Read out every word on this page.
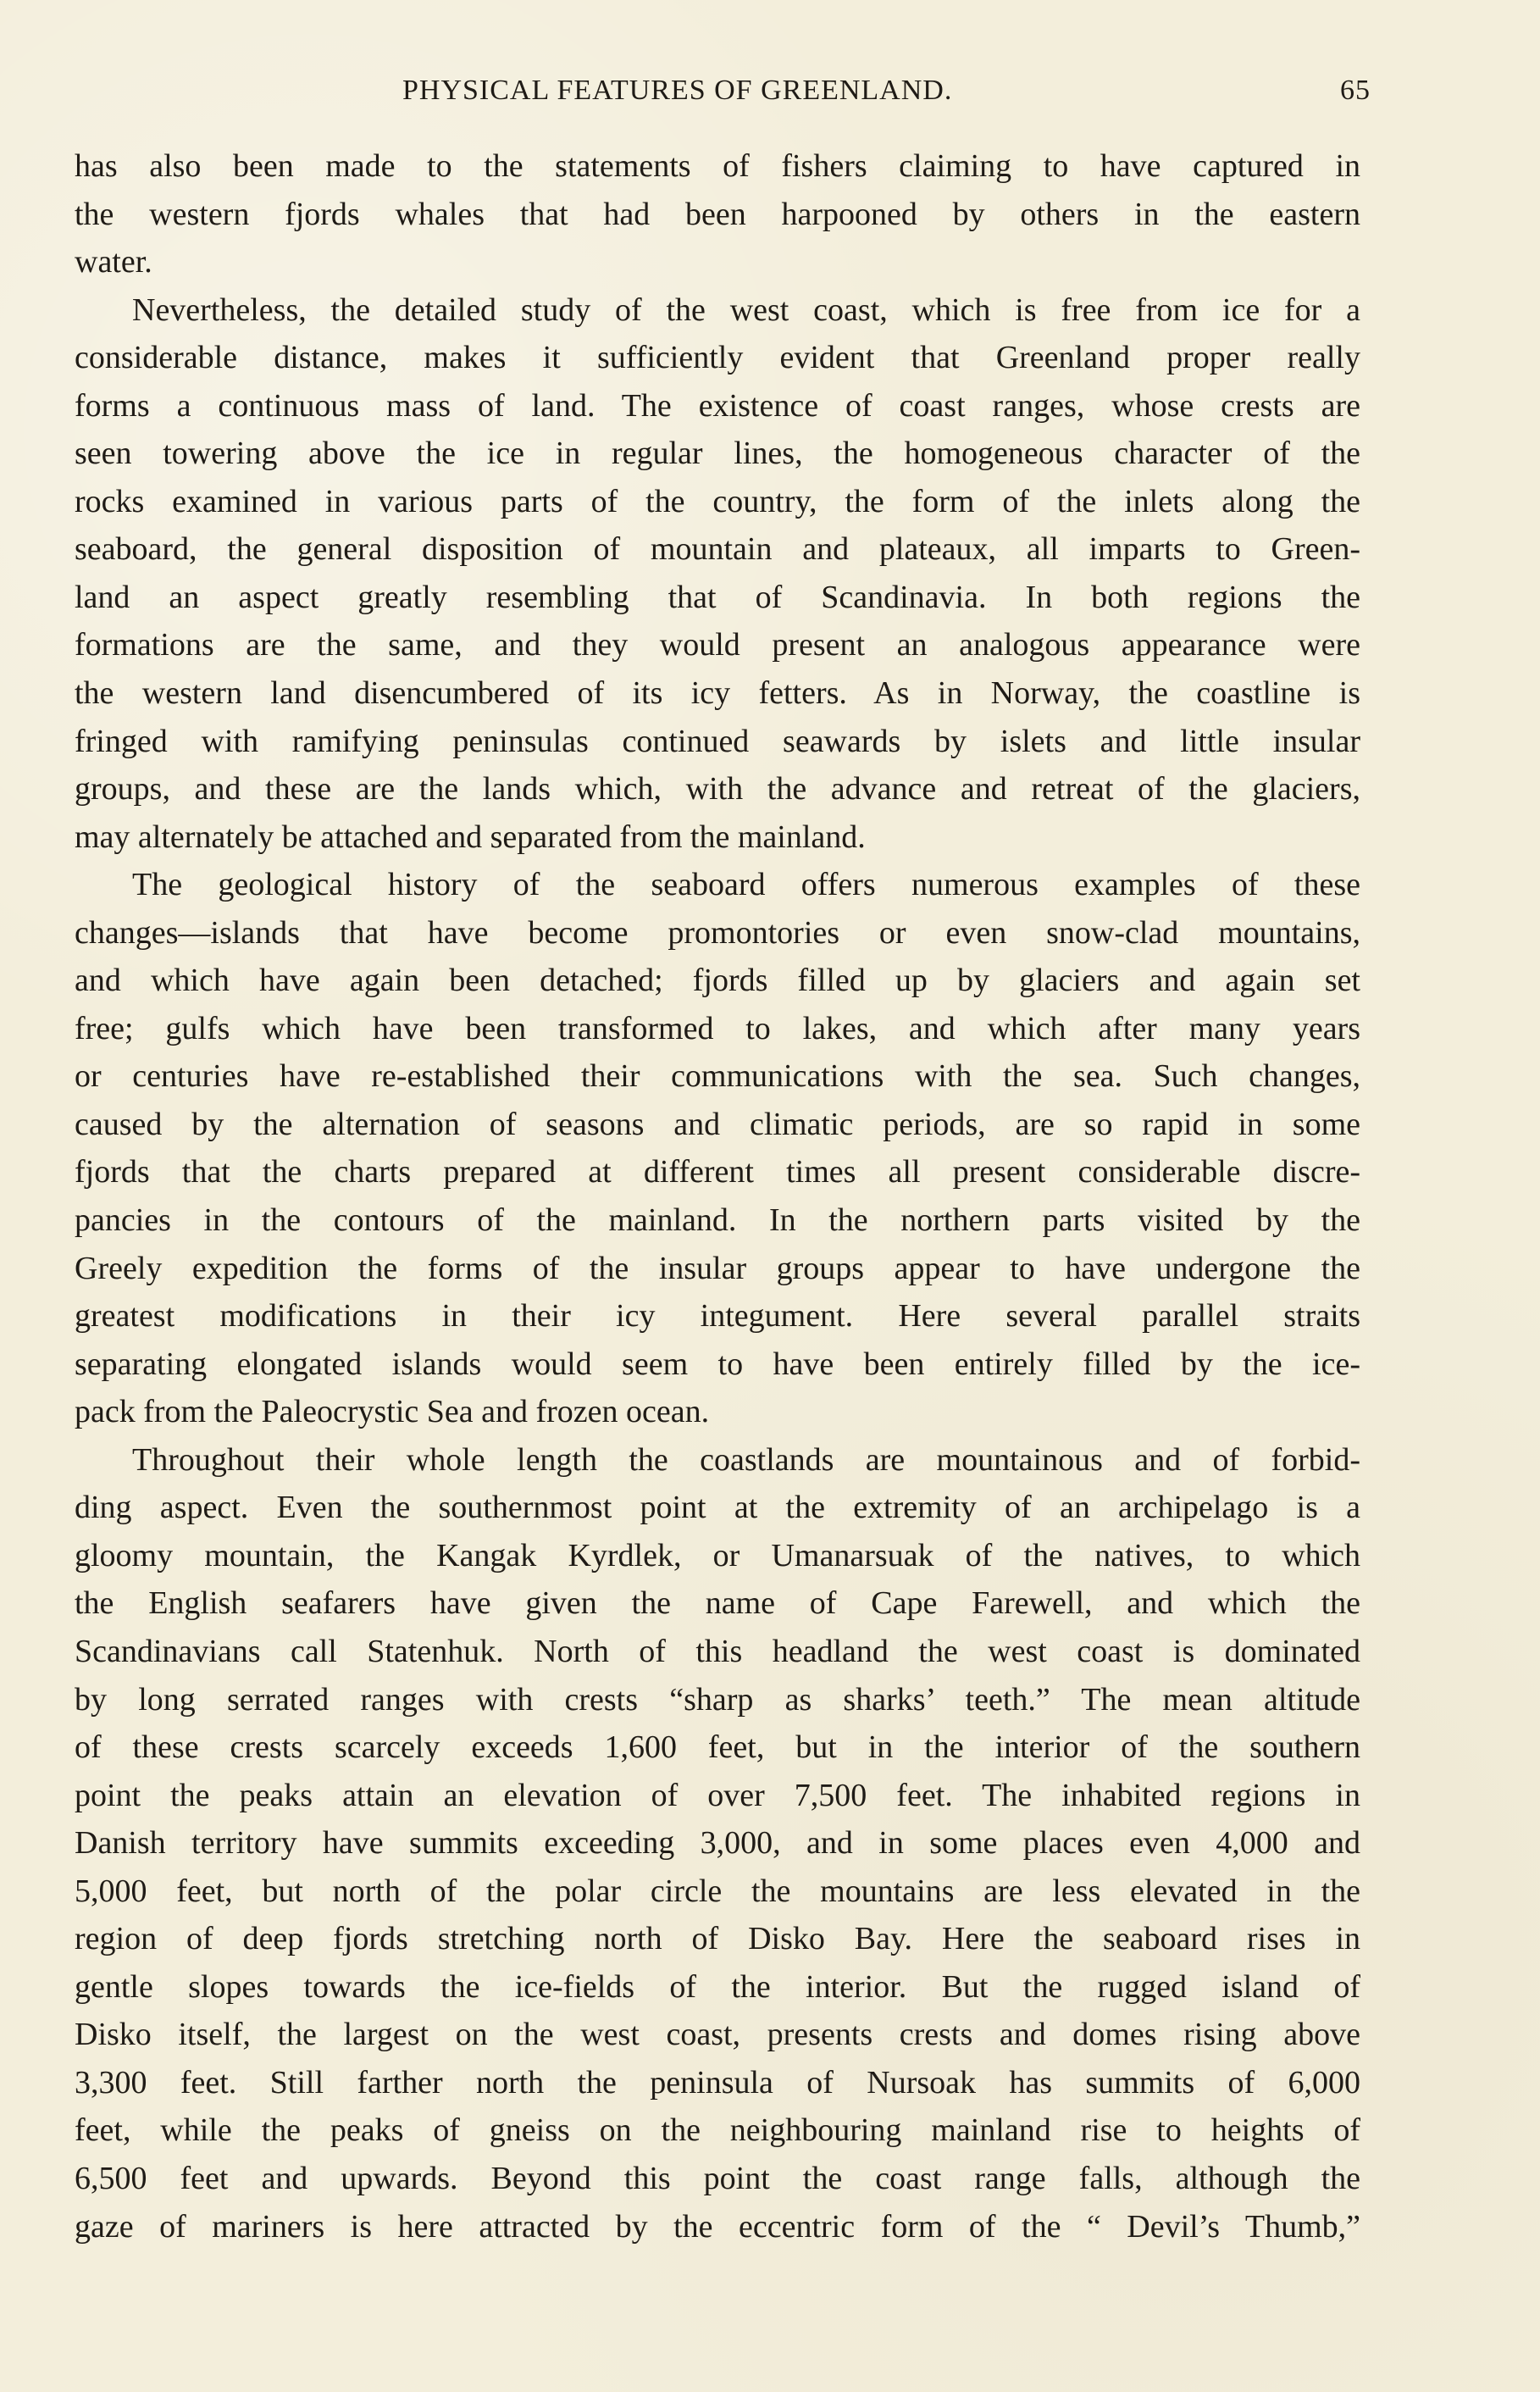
PHYSICAL FEATURES OF GREENLAND.	65
has also been made to the statements of fishers claiming to have captured in
the western fjords whales that had been harpooned by others in the eastern
water.
Nevertheless, the detailed study of the west coast, which is free from ice for a
considerable distance, makes it sufficiently evident that Greenland proper really
forms a continuous mass of land. The existence of coast ranges, whose crests are
seen towering above the ice in regular lines, the homogeneous character of the
rocks examined in various parts of the country, the form of the inlets along the
seaboard, the general disposition of mountain and plateaux, all imparts to Green-
land an aspect greatly resembling that of Scandinavia. In both regions the
formations are the same, and they would present an analogous appearance were
the western land disencumbered of its icy fetters. As in Norway, the coastline is
fringed with ramifying peninsulas continued seawards by islets and little insular
groups, and these are the lands which, with the advance and retreat of the glaciers,
may alternately be attached and separated from the mainland.
The geological history of the seaboard offers numerous examples of these
changes—islands that have become promontories or even snow-clad mountains,
and which have again been detached; fjords filled up by glaciers and again set
free; gulfs which have been transformed to lakes, and which after many years
or centuries have re-established their communications with the sea. Such changes,
caused by the alternation of seasons and climatic periods, are so rapid in some
fjords that the charts prepared at different times all present considerable discre-
pancies in the contours of the mainland. In the northern parts visited by the
Greely expedition the forms of the insular groups appear to have undergone the
greatest modifications in their icy integument. Here several parallel straits
separating elongated islands would seem to have been entirely filled by the ice-
pack from the Paleocrystic Sea and frozen ocean.
Throughout their whole length the coastlands are mountainous and of forbid-
ding aspect. Even the southernmost point at the extremity of an archipelago is a
gloomy mountain, the Kangak Kyrdlek, or Umanarsuak of the natives, to which
the English seafarers have given the name of Cape Farewell, and which the
Scandinavians call Statenhuk. North of this headland the west coast is dominated
by long serrated ranges with crests “sharp as sharks’ teeth.” The mean altitude
of these crests scarcely exceeds 1,600 feet, but in the interior of the southern
point the peaks attain an elevation of over 7,500 feet. The inhabited regions in
Danish territory have summits exceeding 3,000, and in some places even 4,000 and
5,000 feet, but north of the polar circle the mountains are less elevated in the
region of deep fjords stretching north of Disko Bay. Here the seaboard rises in
gentle slopes towards the ice-fields of the interior. But the rugged island of
Disko itself, the largest on the west coast, presents crests and domes rising above
3,300 feet. Still farther north the peninsula of Nursoak has summits of 6,000
feet, while the peaks of gneiss on the neighbouring mainland rise to heights of
6,500 feet and upwards. Beyond this point the coast range falls, although the
gaze of mariners is here attracted by the eccentric form of the “ Devil’s Thumb,”
